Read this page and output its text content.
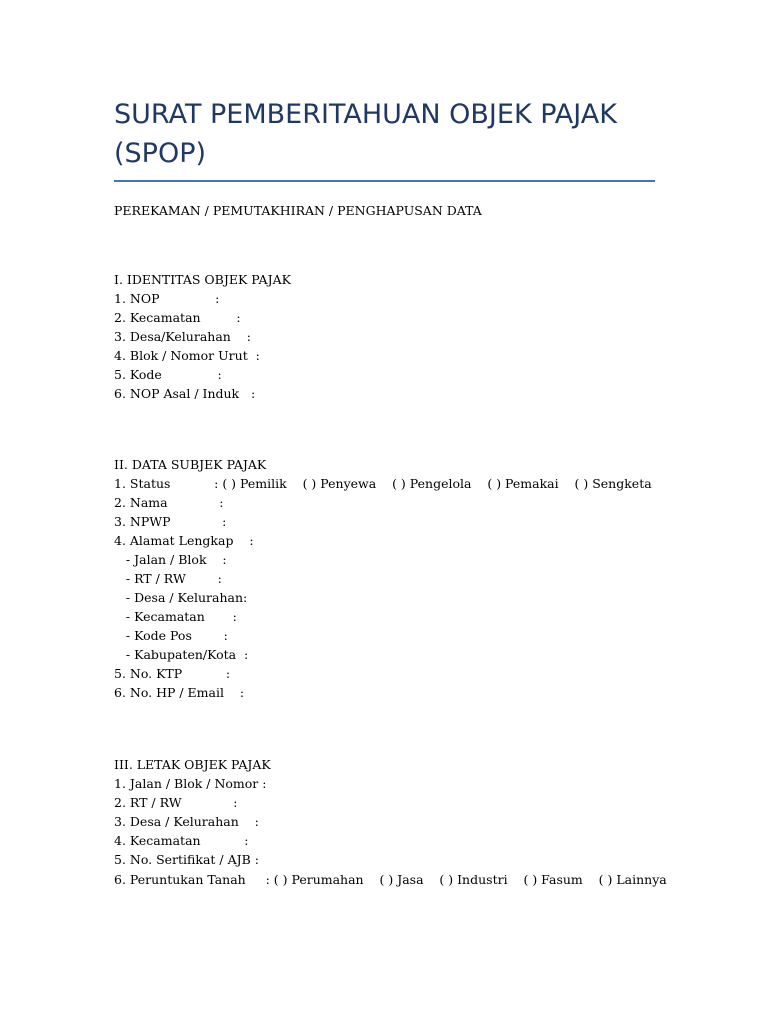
SURAT PEMBERITAHUAN OBJEK PAJAK (SPOP)
PEREKAMAN / PEMUTAKHIRAN / PENGHAPUSAN DATA
I. IDENTITAS OBJEK PAJAK
1. NOP              :
2. Kecamatan         :
3. Desa/Kelurahan    :
4. Blok / Nomor Urut  :
5. Kode              :
6. NOP Asal / Induk   :
II. DATA SUBJEK PAJAK
1. Status           : ( ) Pemilik    ( ) Penyewa    ( ) Pengelola    ( ) Pemakai    ( ) Sengketa
2. Nama             :
3. NPWP             :
4. Alamat Lengkap    :
- Jalan / Blok    :
- RT / RW        :
- Desa / Kelurahan:
- Kecamatan       :
- Kode Pos        :
- Kabupaten/Kota  :
5. No. KTP           :
6. No. HP / Email    :
III. LETAK OBJEK PAJAK
1. Jalan / Blok / Nomor :
2. RT / RW             :
3. Desa / Kelurahan    :
4. Kecamatan           :
5. No. Sertifikat / AJB :
6. Peruntukan Tanah     : ( ) Perumahan    ( ) Jasa    ( ) Industri    ( ) Fasum    ( ) Lainnya
